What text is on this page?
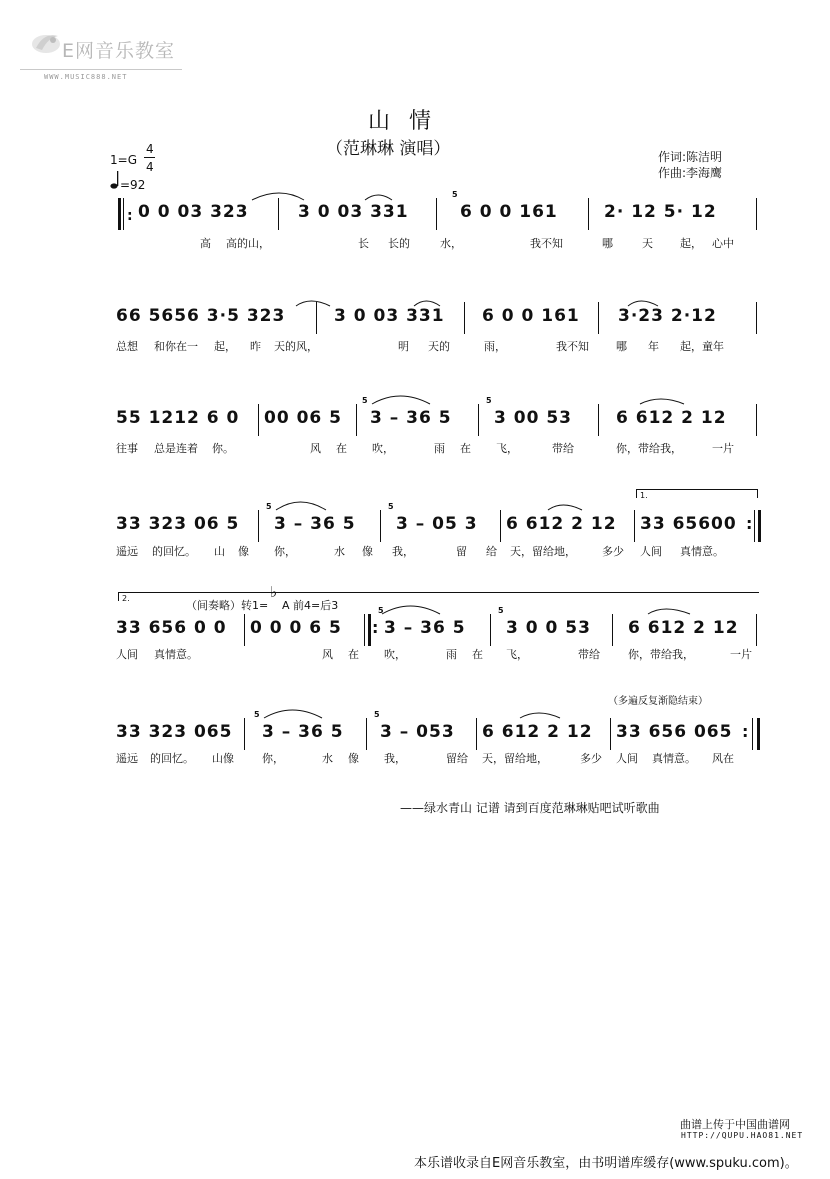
E网音乐教室
WWW.MUSIC888.NET
山 情
（范琳琳 演唱）
1=G
4
4
=92
作词:陈洁明
作曲:李海鹰
: 0 0 03 323	3 0 03 331
5
6 0 0 161	2· 12 5· 12
高 高的山，	长 长的	水，	我不知	哪	天 起， 心中
66 5656 3·5 323	3 0 03 331 6 0 0 161 3·23 2·12
总想 和你在一 起， 昨 天的风，	明 天的	雨，	我不知 哪 年 起，童年
55 1212 6 0 00 06 5
5
3 – 36 5
5
3 00 53	6 612 2 12
往事 总是连着 你。	风 在 吹，	雨 在 飞，	带给	你，带给我，	一片
1.
33 323 06 5
5
3 – 36 5
5
3 – 05 3 6 612 2 12 33 65600 :
遥远 的回忆。 山 像 你，	水 像 我，	留 给 天，留给地， 多少 人间 真情意。
2.
（间奏略）转1=
♭
A 前4=后3
33 656 0 0 0 0 0 6 5 :
5
3 – 36 5
5
3 0 0 53 6 612 2 12
人间 真情意。	风 在 吹，	雨 在 飞，	带给	你，带给我，	一片
（多遍反复渐隐结束）
33 323 065
5
3 – 36 5
5
3 – 053 6 612 2 12 33 656 065 :
遥远 的回忆。 山像	你，	水 像 我，	留给 天，留给地，	多少 人间 真情意。 风在
——绿水青山 记谱 请到百度范琳琳贴吧试听歌曲
曲谱上传于中国曲谱网
HTTP://QUPU.HAO81.NET
本乐谱收录自E网音乐教室，由书明谱库缓存(www.spuku.com)。
